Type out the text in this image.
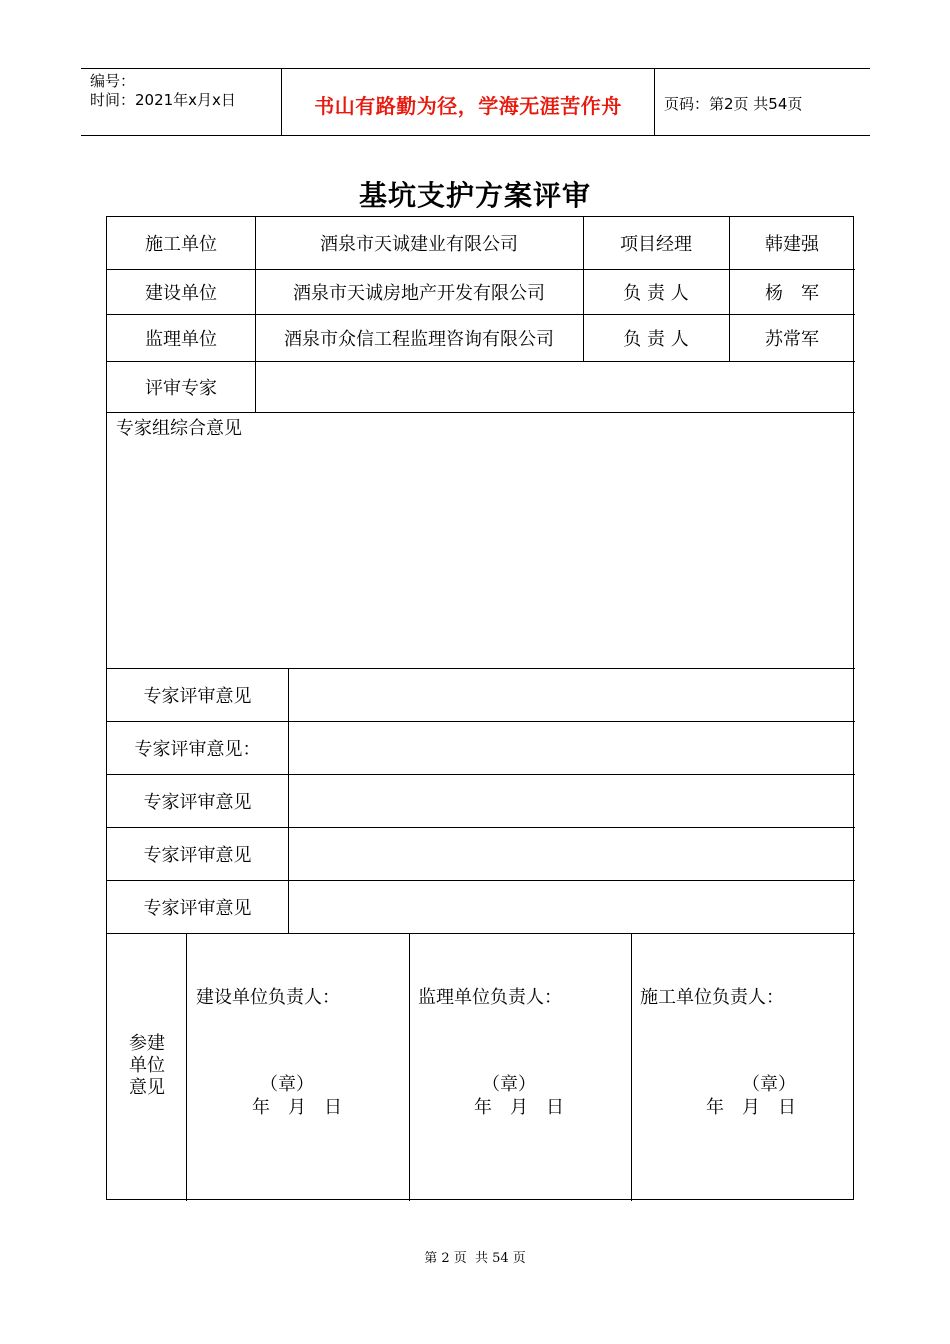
编号：
时间：2021年x月x日	书山有路勤为径，学海无涯苦作舟	页码：第2页 共54页
基坑支护方案评审
施工单位	酒泉市天诚建业有限公司	项目经理	韩建强
建设单位	酒泉市天诚房地产开发有限公司	负 责 人	杨　军
监理单位	酒泉市众信工程监理咨询有限公司	负 责 人	苏常军
评审专家
专家组综合意见
专家评审意见
专家评审意见：
专家评审意见
专家评审意见
专家评审意见
参建单位意见
建设单位负责人：
（章）
年　月　日
监理单位负责人：
（章）
年　月　日
施工单位负责人：
（章）
年　月　日
第 2 页  共 54 页
